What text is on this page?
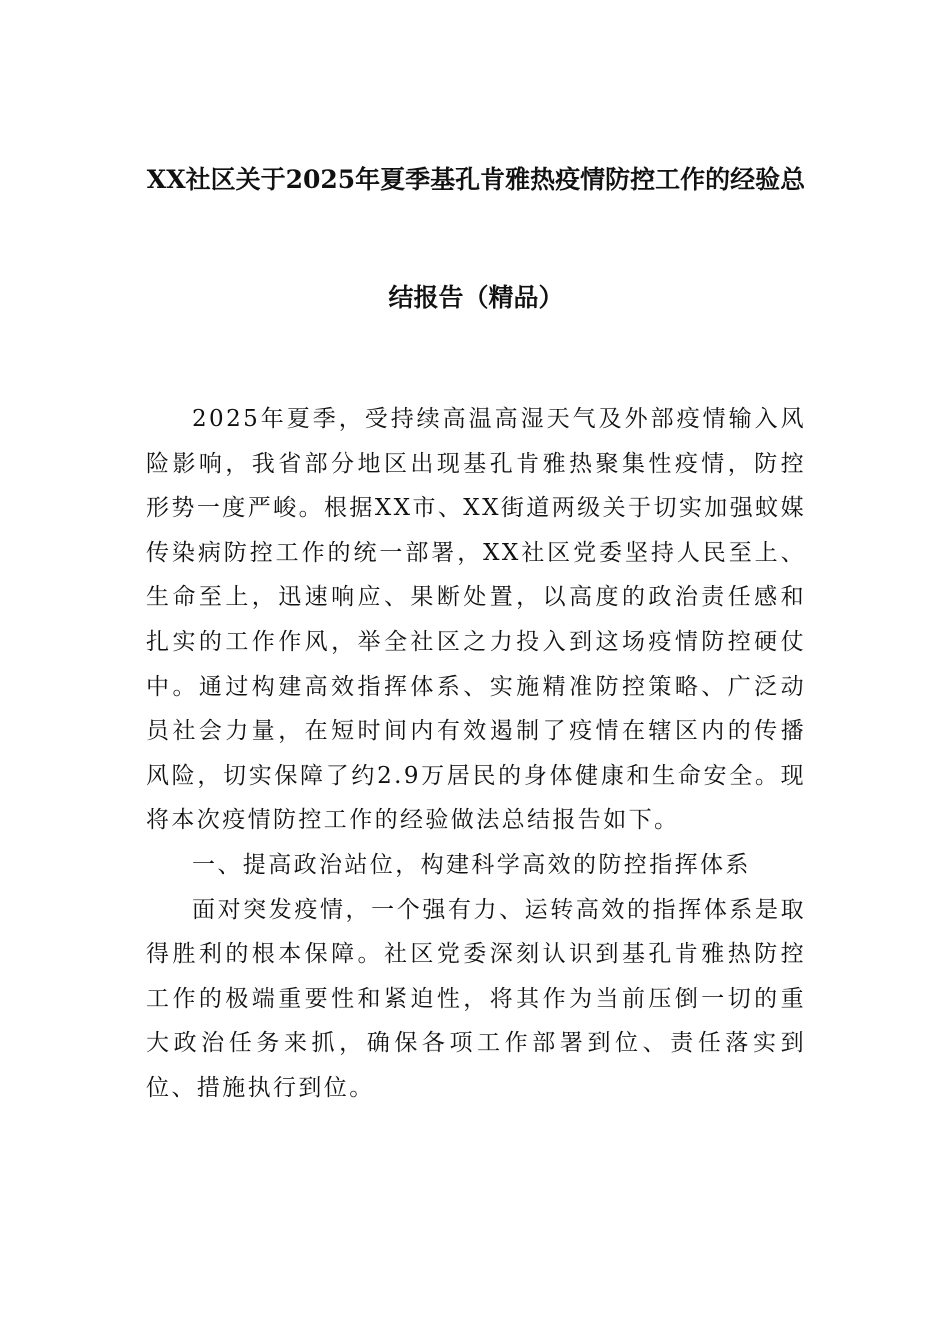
XX社区关于2025年夏季基孔肯雅热疫情防控工作的经验总
结报告（精品）

2025年夏季，受持续高温高湿天气及外部疫情输入风险影响，我省部分地区出现基孔肯雅热聚集性疫情，防控形势一度严峻。根据XX市、XX街道两级关于切实加强蚊媒传染病防控工作的统一部署，XX社区党委坚持人民至上、生命至上，迅速响应、果断处置，以高度的政治责任感和扎实的工作作风，举全社区之力投入到这场疫情防控硬仗中。通过构建高效指挥体系、实施精准防控策略、广泛动员社会力量，在短时间内有效遏制了疫情在辖区内的传播风险，切实保障了约2.9万居民的身体健康和生命安全。现将本次疫情防控工作的经验做法总结报告如下。

一、提高政治站位，构建科学高效的防控指挥体系

面对突发疫情，一个强有力、运转高效的指挥体系是取得胜利的根本保障。社区党委深刻认识到基孔肯雅热防控工作的极端重要性和紧迫性，将其作为当前压倒一切的重大政治任务来抓，确保各项工作部署到位、责任落实到位、措施执行到位。
